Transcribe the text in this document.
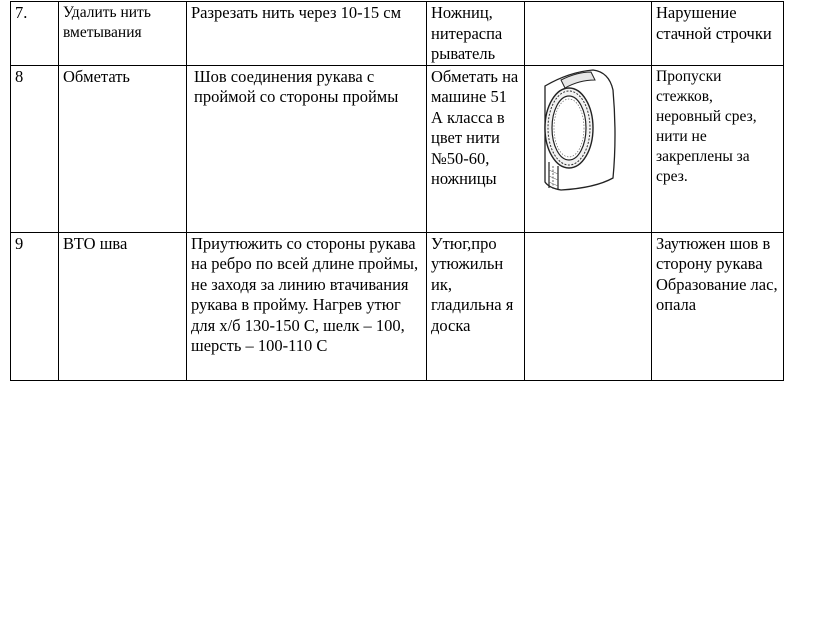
7.	Удалить нить вметывания	Разрезать нить через 10-15 см	Ножниц, нитераспа рыватель		Нарушение стачной строчки
8	Обметать	Шов соединения рукава с проймой со стороны проймы	Обметать на машине 51 А класса в цвет нити №50-60, ножницы		Пропуски стежков, неровный срез, нити не закреплены за срез.
9	ВТО шва	Приутюжить со стороны рукава на ребро по всей длине проймы, не заходя за линию втачивания рукава в пройму. Нагрев утюг для х/б 130-150 С, шелк – 100, шерсть – 100-110 С	Утюг,про утюжильн ик, гладильна я доска		Заутюжен шов в сторону рукава Образование лас, опала
